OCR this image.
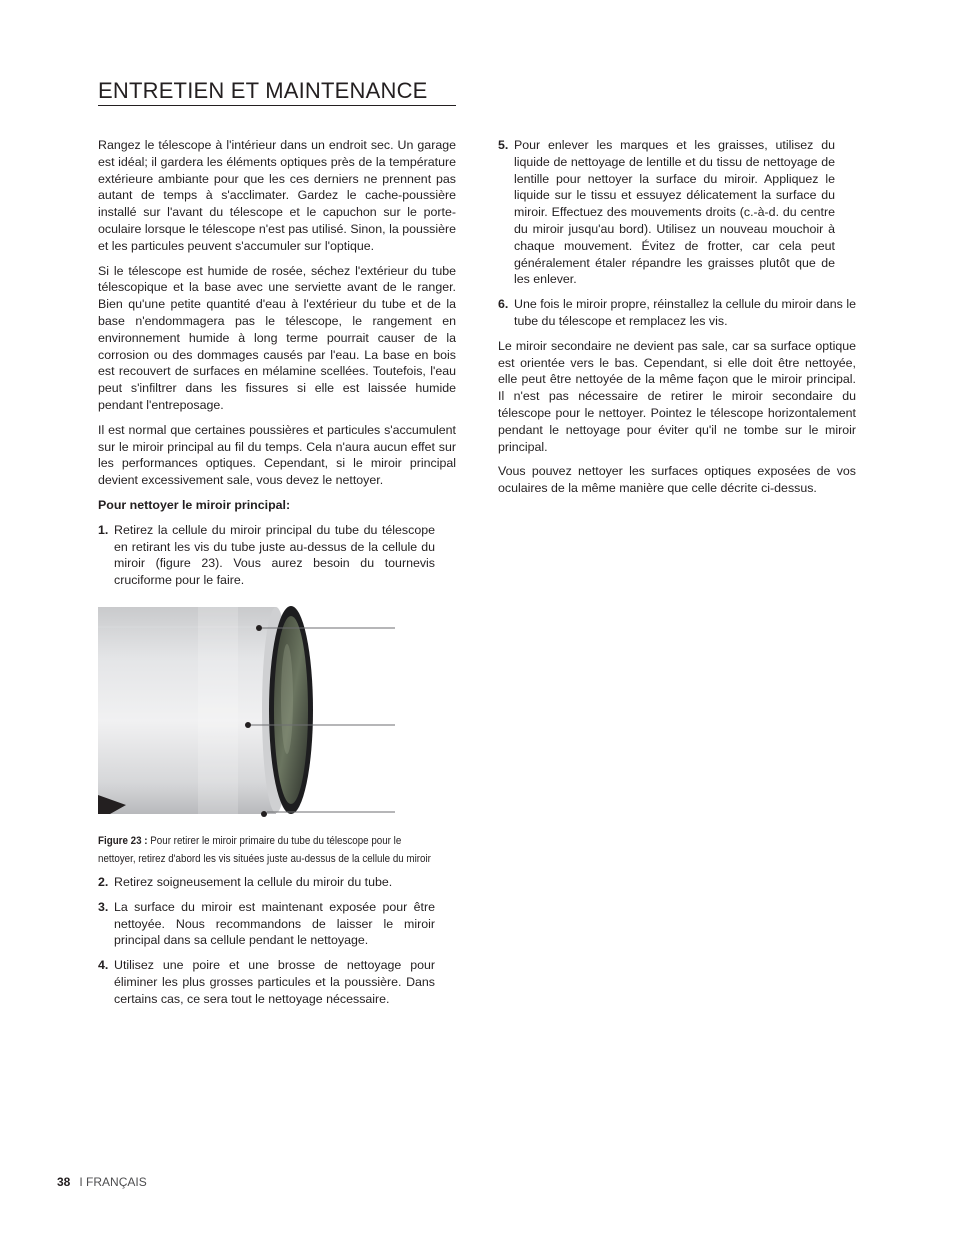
ENTRETIEN ET MAINTENANCE

Rangez le télescope à l'intérieur dans un endroit sec. Un garage est idéal; il gardera les éléments optiques près de la température extérieure ambiante pour que les ces derniers ne prennent pas autant de temps à s'acclimater. Gardez le cache-poussière installé sur l'avant du télescope et le capuchon sur le porte-oculaire lorsque le télescope n'est pas utilisé. Sinon, la poussière et les particules peuvent s'accumuler sur l'optique.

Si le télescope est humide de rosée, séchez l'extérieur du tube télescopique et la base avec une serviette avant de le ranger. Bien qu'une petite quantité d'eau à l'extérieur du tube et de la base n'endommagera pas le télescope, le rangement en environnement humide à long terme pourrait causer de la corrosion ou des dommages causés par l'eau. La base en bois est recouvert de surfaces en mélamine scellées. Toutefois, l'eau peut s'infiltrer dans les fissures si elle est laissée humide pendant l'entreposage.

Il est normal que certaines poussières et particules s'accumulent sur le miroir principal au fil du temps. Cela n'aura aucun effet sur les performances optiques. Cependant, si le miroir principal devient excessivement sale, vous devez le nettoyer.

Pour nettoyer le miroir principal:
1. Retirez la cellule du miroir principal du tube du télescope en retirant les vis du tube juste au-dessus de la cellule du miroir (figure 23). Vous aurez besoin du tournevis cruciforme pour le faire.
Figure 23 : Pour retirer le miroir primaire du tube du télescope pour le nettoyer, retirez d'abord les vis situées juste au-dessus de la cellule du miroir
2. Retirez soigneusement la cellule du miroir du tube.
3. La surface du miroir est maintenant exposée pour être nettoyée. Nous recommandons de laisser le miroir principal dans sa cellule pendant le nettoyage.
4. Utilisez une poire et une brosse de nettoyage pour éliminer les plus grosses particules et la poussière. Dans certains cas, ce sera tout le nettoyage nécessaire.
5. Pour enlever les marques et les graisses, utilisez du liquide de nettoyage de lentille et du tissu de nettoyage de lentille pour nettoyer la surface du miroir. Appliquez le liquide sur le tissu et essuyez délicatement la surface du miroir. Effectuez des mouvements droits (c.-à-d. du centre du miroir jusqu'au bord). Utilisez un nouveau mouchoir à chaque mouvement. Évitez de frotter, car cela peut généralement étaler répandre les graisses plutôt que de les enlever.
6. Une fois le miroir propre, réinstallez la cellule du miroir dans le tube du télescope et remplacez les vis.

Le miroir secondaire ne devient pas sale, car sa surface optique est orientée vers le bas. Cependant, si elle doit être nettoyée, elle peut être nettoyée de la même façon que le miroir principal. Il n'est pas nécessaire de retirer le miroir secondaire du télescope pour le nettoyer. Pointez le télescope horizontalement pendant le nettoyage pour éviter qu'il ne tombe sur le miroir principal.

Vous pouvez nettoyer les surfaces optiques exposées de vos oculaires de la même manière que celle décrite ci-dessus.

38 I FRANÇAIS
